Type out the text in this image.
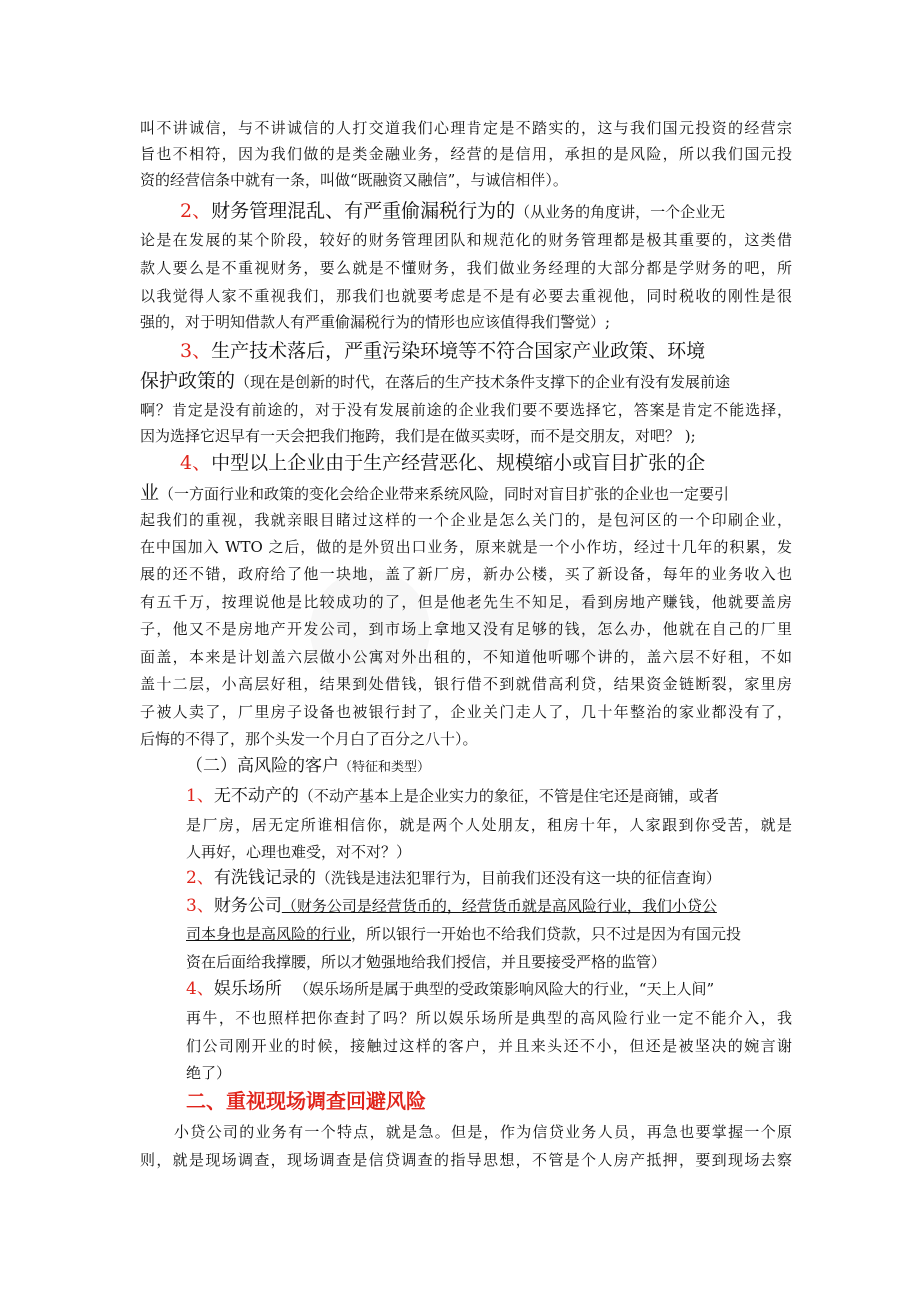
叫不讲诚信，与不讲诚信的人打交道我们心理肯定是不踏实的，这与我们国元投资的经营宗
旨也不相符，因为我们做的是类金融业务，经营的是信用，承担的是风险，所以我们国元投
资的经营信条中就有一条，叫做“既融资又融信”，与诚信相伴）。
2、财务管理混乱、有严重偷漏税行为的（从业务的角度讲，一个企业无
论是在发展的某个阶段，较好的财务管理团队和规范化的财务管理都是极其重要的，这类借
款人要么是不重视财务，要么就是不懂财务，我们做业务经理的大部分都是学财务的吧，所
以我觉得人家不重视我们，那我们也就要考虑是不是有必要去重视他，同时税收的刚性是很
强的，对于明知借款人有严重偷漏税行为的情形也应该值得我们警觉）;
3、生产技术落后，严重污染环境等不符合国家产业政策、环境
保护政策的（现在是创新的时代，在落后的生产技术条件支撑下的企业有没有发展前途
啊？肯定是没有前途的，对于没有发展前途的企业我们要不要选择它，答案是肯定不能选择，
因为选择它迟早有一天会把我们拖跨，我们是在做买卖呀，而不是交朋友，对吧？ );
4、中型以上企业由于生产经营恶化、规模缩小或盲目扩张的企
业（一方面行业和政策的变化会给企业带来系统风险，同时对盲目扩张的企业也一定要引
起我们的重视，我就亲眼目睹过这样的一个企业是怎么关门的，是包河区的一个印刷企业，
在中国加入 WTO 之后，做的是外贸出口业务，原来就是一个小作坊，经过十几年的积累，发
展的还不错，政府给了他一块地，盖了新厂房，新办公楼，买了新设备，每年的业务收入也
有五千万，按理说他是比较成功的了，但是他老先生不知足，看到房地产赚钱，他就要盖房
子，他又不是房地产开发公司，到市场上拿地又没有足够的钱，怎么办，他就在自己的厂里
面盖，本来是计划盖六层做小公寓对外出租的，不知道他听哪个讲的，盖六层不好租，不如
盖十二层，小高层好租，结果到处借钱，银行借不到就借高利贷，结果资金链断裂，家里房
子被人卖了，厂里房子设备也被银行封了，企业关门走人了，几十年整治的家业都没有了，
后悔的不得了，那个头发一个月白了百分之八十）。
（二）高风险的客户（特征和类型）
1、无不动产的（不动产基本上是企业实力的象征，不管是住宅还是商铺，或者
是厂房，居无定所谁相信你，就是两个人处朋友，租房十年，人家跟到你受苦，就是
人再好，心理也难受，对不对？）
2、有洗钱记录的（洗钱是违法犯罪行为，目前我们还没有这一块的征信查询）
3、财务公司（财务公司是经营货币的，经营货币就是高风险行业，我们小贷公
司本身也是高风险的行业，所以银行一开始也不给我们贷款，只不过是因为有国元投
资在后面给我撑腰，所以才勉强地给我们授信，并且要接受严格的监管）
4、娱乐场所 （娱乐场所是属于典型的受政策影响风险大的行业，“天上人间”
再牛，不也照样把你查封了吗？所以娱乐场所是典型的高风险行业一定不能介入，我
们公司刚开业的时候，接触过这样的客户，并且来头还不小，但还是被坚决的婉言谢
绝了）
二、重视现场调查回避风险
小贷公司的业务有一个特点，就是急。但是，作为信贷业务人员，再急也要掌握一个原
则，就是现场调查，现场调查是信贷调查的指导思想，不管是个人房产抵押，要到现场去察
